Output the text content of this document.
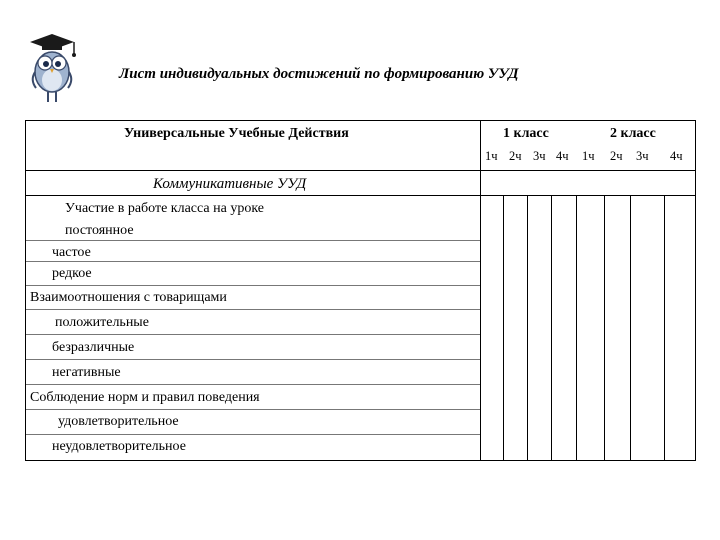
Лист индивидуальных достижений по формированию УУД
Универсальные Учебные Действия	1 класс	2 класс
1ч 2ч 3ч 4ч 1ч 2ч 3ч 4ч
Коммуникативные УУД
Участие в работе класса на уроке
постоянное
частое
редкое
Взаимоотношения с товарищами
положительные
безразличные
негативные
Соблюдение норм и правил поведения
удовлетворительное
неудовлетворительное
